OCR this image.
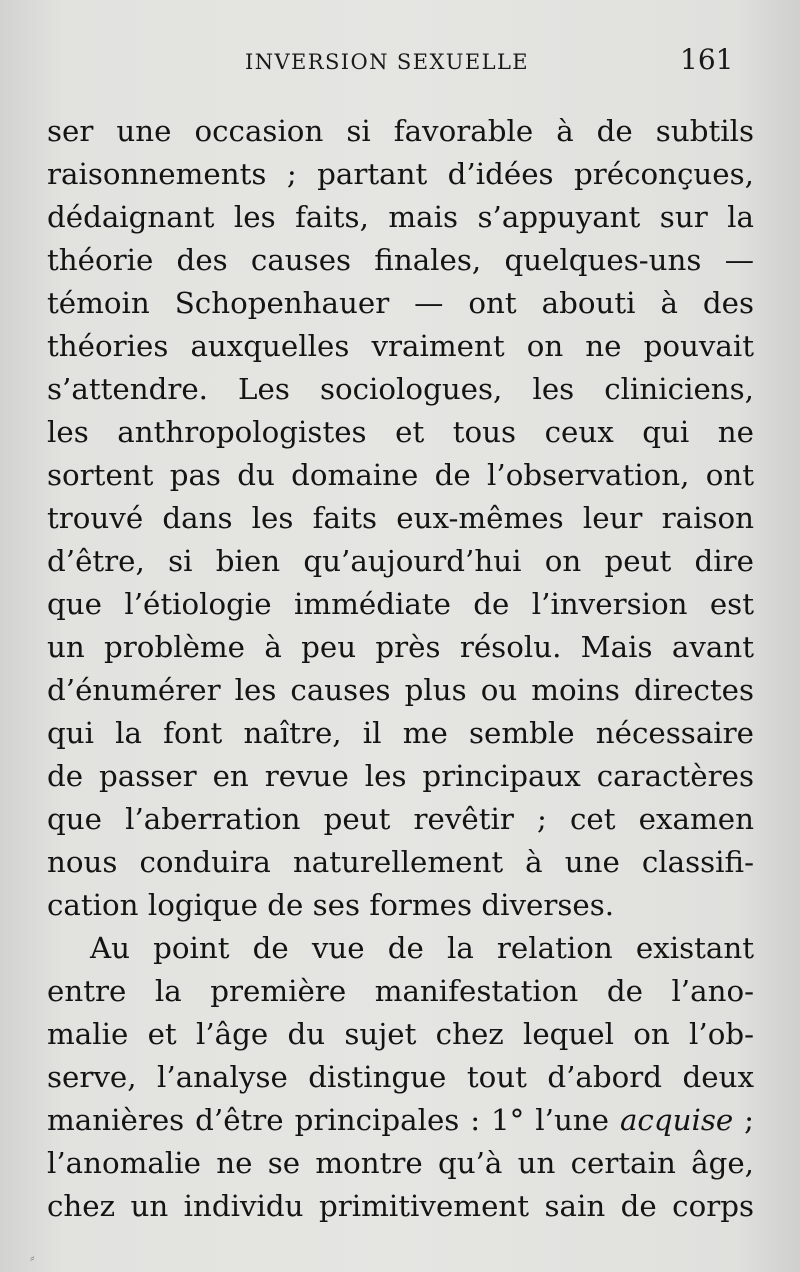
INVERSION SEXUELLE	161
ser une occasion si favorable à de subtils
raisonnements ; partant d’idées préconçues,
dédaignant les faits, mais s’appuyant sur la
théorie des causes finales, quelques-uns —
témoin Schopenhauer — ont abouti à des
théories auxquelles vraiment on ne pouvait
s’attendre. Les sociologues, les cliniciens,
les anthropologistes et tous ceux qui ne
sortent pas du domaine de l’observation, ont
trouvé dans les faits eux-mêmes leur raison
d’être, si bien qu’aujourd’hui on peut dire
que l’étiologie immédiate de l’inversion est
un problème à peu près résolu. Mais avant
d’énumérer les causes plus ou moins directes
qui la font naître, il me semble nécessaire
de passer en revue les principaux caractères
que l’aberration peut revêtir ; cet examen
nous conduira naturellement à une classifi-
cation logique de ses formes diverses.
Au point de vue de la relation existant
entre la première manifestation de l’ano-
malie et l’âge du sujet chez lequel on l’ob-
serve, l’analyse distingue tout d’abord deux
manières d’être principales : 1° l’une acquise ;
l’anomalie ne se montre qu’à un certain âge,
chez un individu primitivement sain de corps
⸗
